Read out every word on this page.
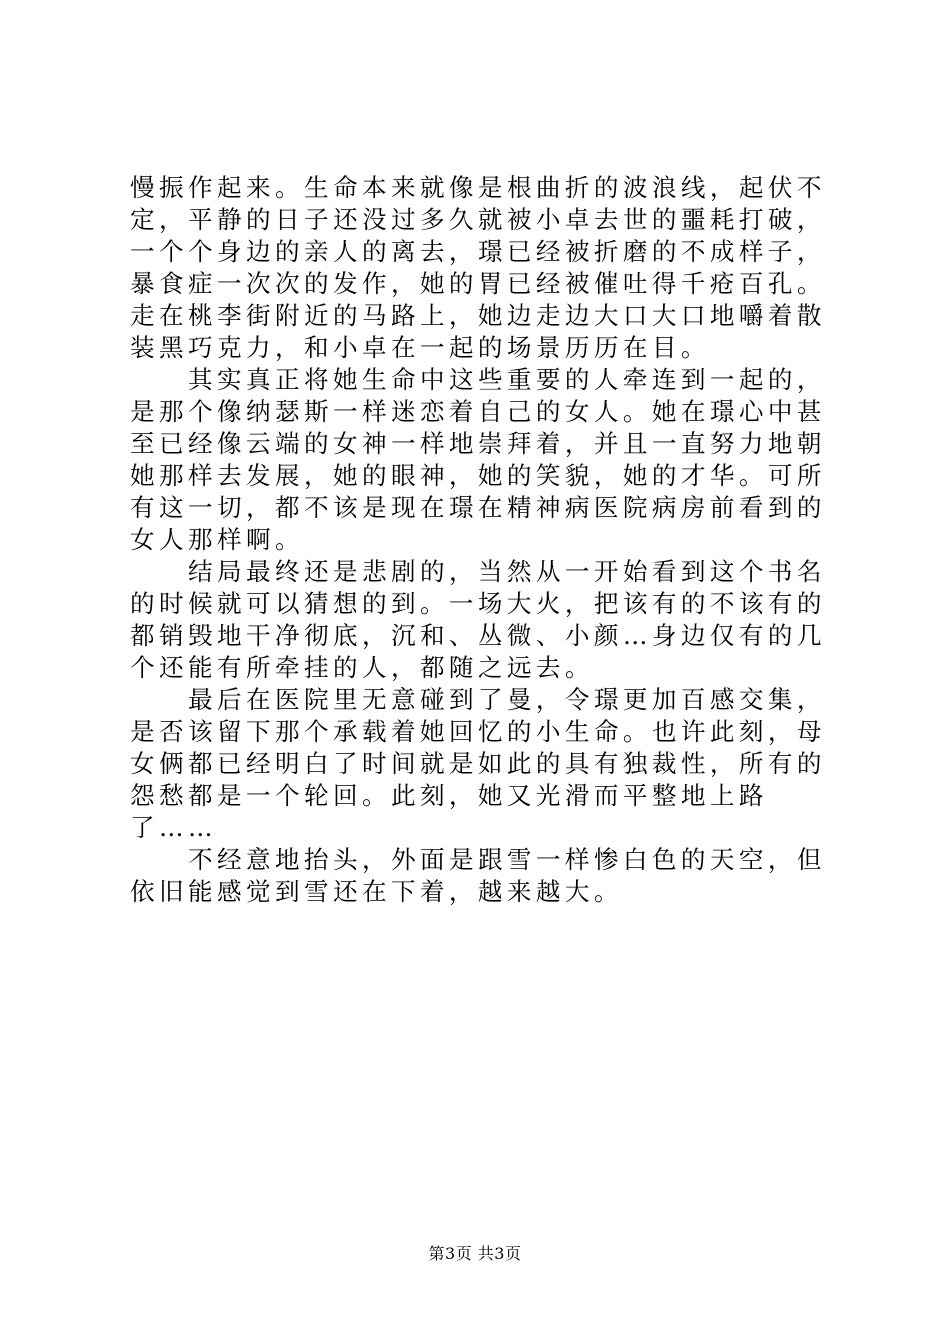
慢振作起来。生命本来就像是根曲折的波浪线，起伏不定，平静的日子还没过多久就被小卓去世的噩耗打破，一个个身边的亲人的离去，璟已经被折磨的不成样子，暴食症一次次的发作，她的胃已经被催吐得千疮百孔。走在桃李街附近的马路上，她边走边大口大口地嚼着散装黑巧克力，和小卓在一起的场景历历在目。

其实真正将她生命中这些重要的人牵连到一起的，是那个像纳瑟斯一样迷恋着自己的女人。她在璟心中甚至已经像云端的女神一样地崇拜着，并且一直努力地朝她那样去发展，她的眼神，她的笑貌，她的才华。可所有这一切，都不该是现在璟在精神病医院病房前看到的女人那样啊。

结局最终还是悲剧的，当然从一开始看到这个书名的时候就可以猜想的到。一场大火，把该有的不该有的都销毁地干净彻底，沉和、丛微、小颜…身边仅有的几个还能有所牵挂的人，都随之远去。

最后在医院里无意碰到了曼，令璟更加百感交集，是否该留下那个承载着她回忆的小生命。也许此刻，母女俩都已经明白了时间就是如此的具有独裁性，所有的怨愁都是一个轮回。此刻，她又光滑而平整地上路了……

不经意地抬头，外面是跟雪一样惨白色的天空，但依旧能感觉到雪还在下着，越来越大。

第3页 共3页
